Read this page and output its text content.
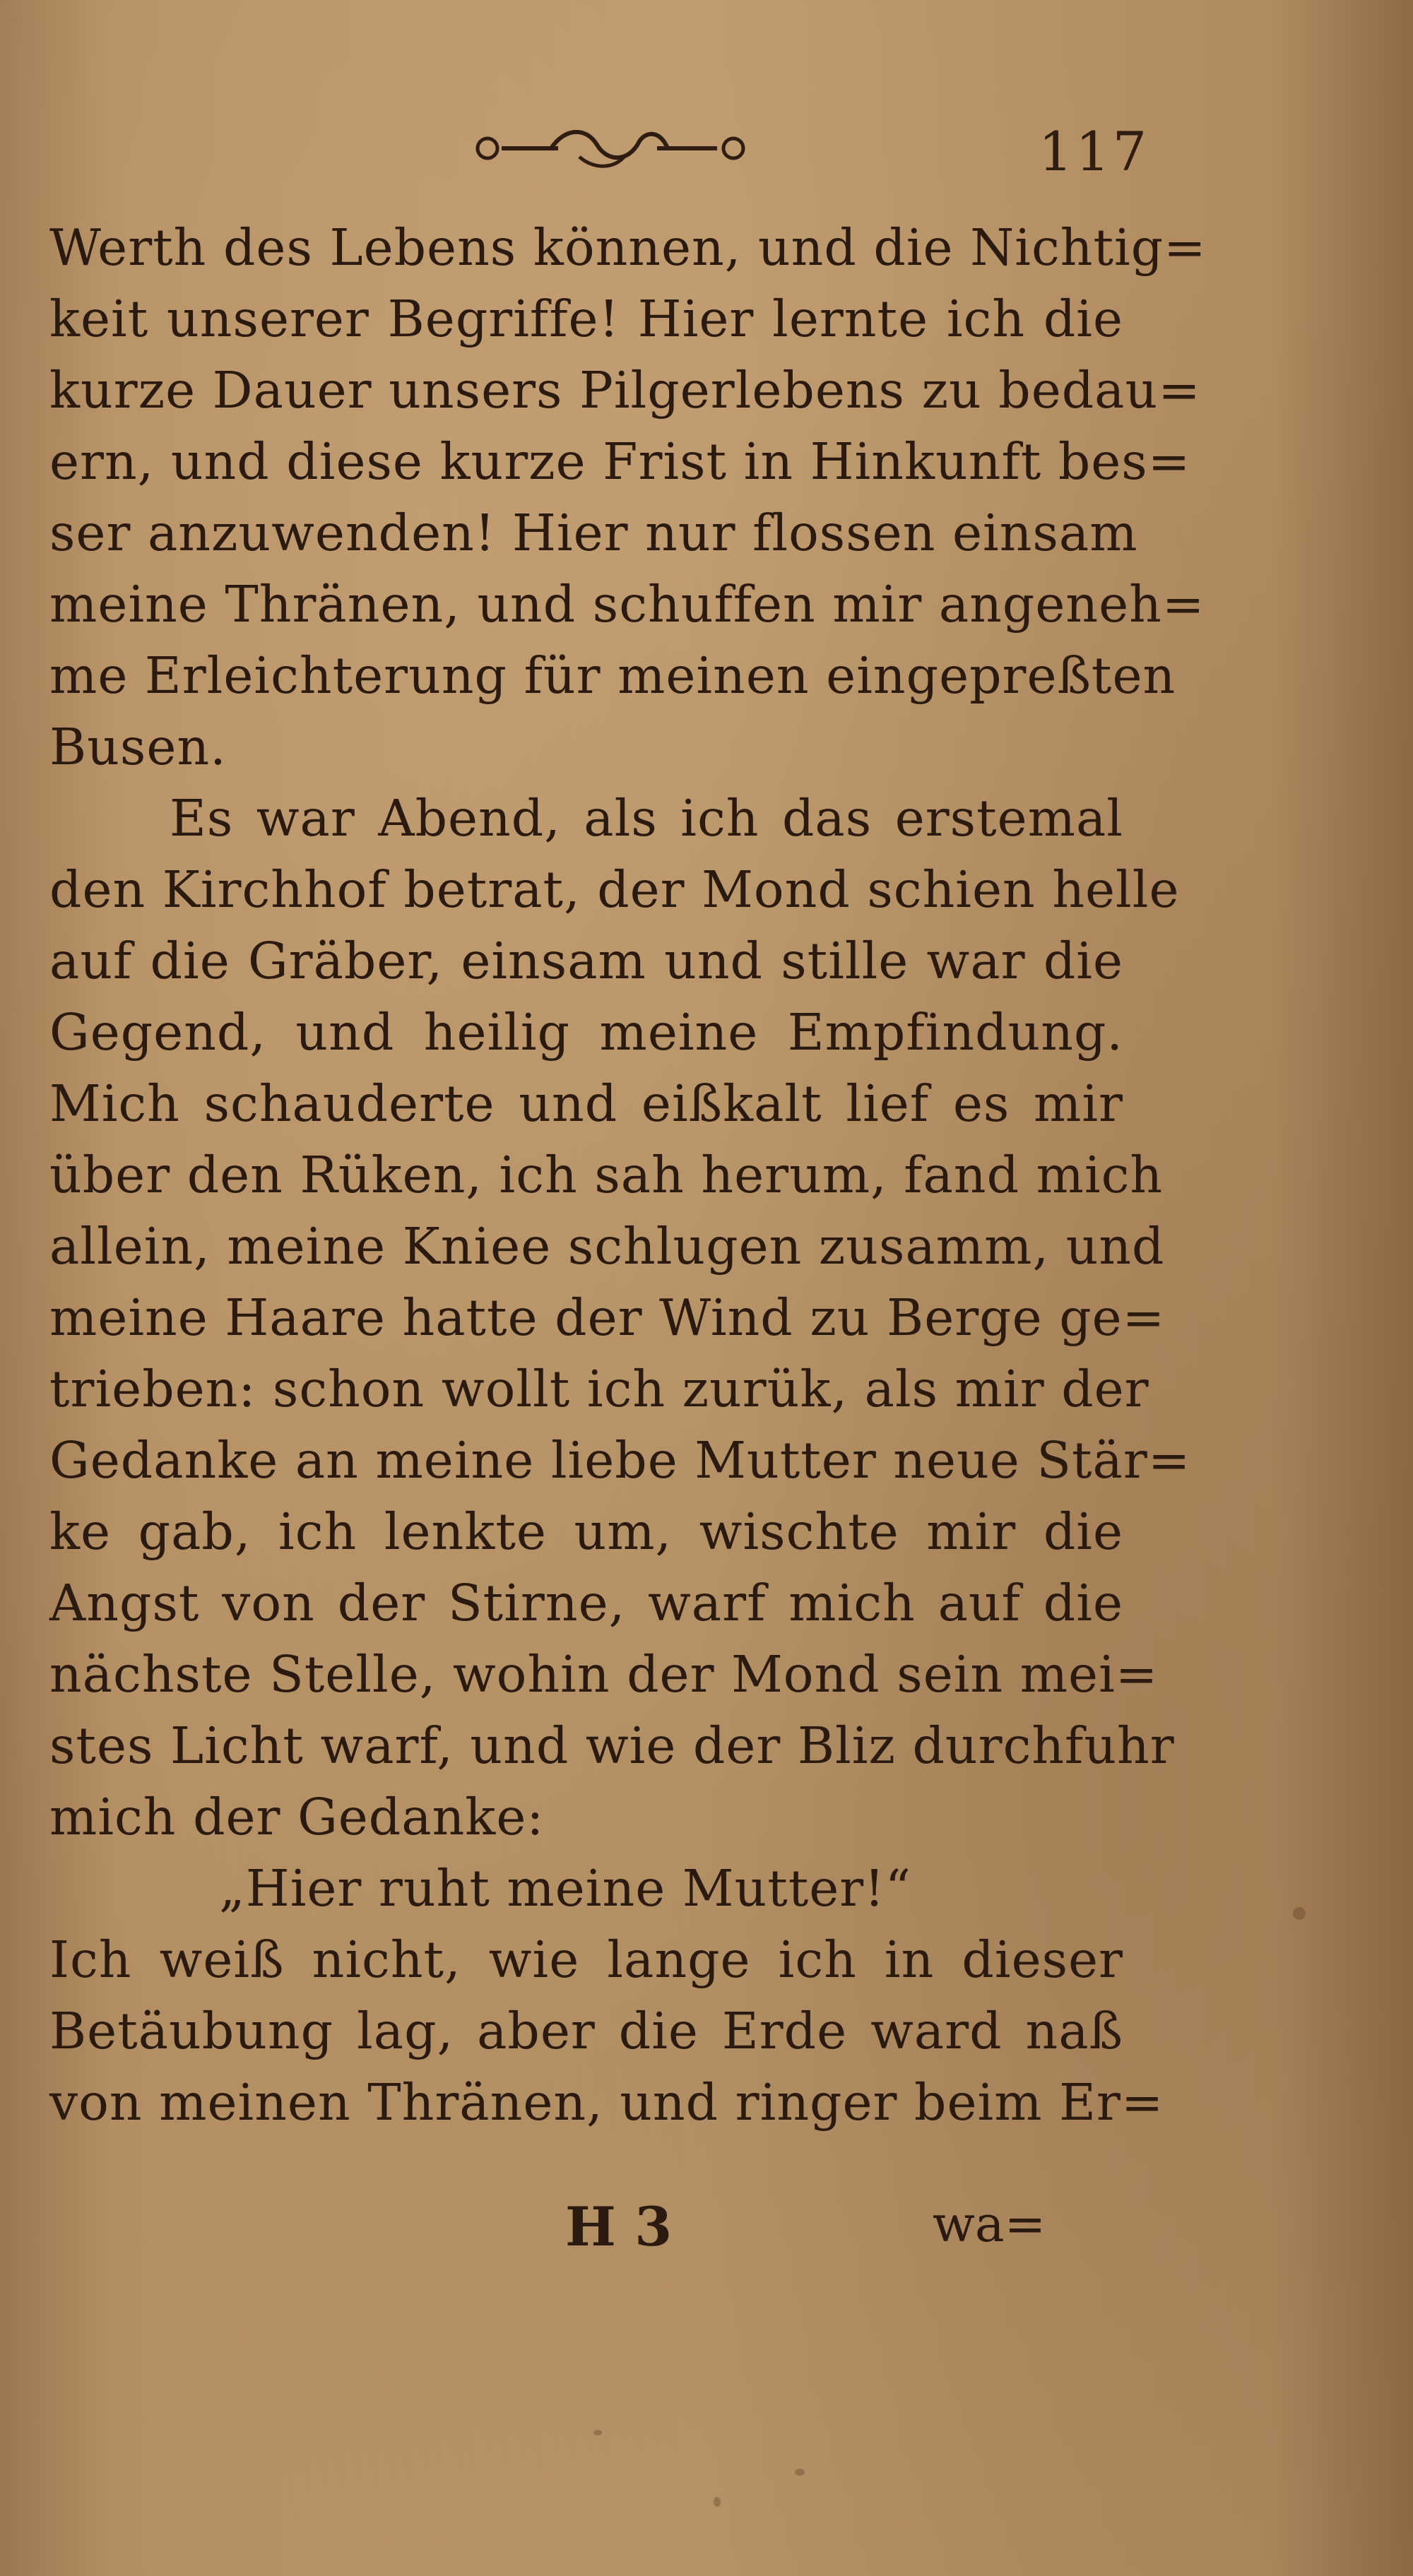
117
Werth des Lebens können, und die Nichtig=
keit unserer Begriffe! Hier lernte ich die
kurze Dauer unsers Pilgerlebens zu bedau=
ern, und diese kurze Frist in Hinkunft bes=
ser anzuwenden! Hier nur flossen einsam
meine Thränen, und schuffen mir angeneh=
me Erleichterung für meinen eingepreßten
Busen.
Es war Abend, als ich das erstemal
den Kirchhof betrat, der Mond schien helle
auf die Gräber, einsam und stille war die
Gegend, und heilig meine Empfindung.
Mich schauderte und eißkalt lief es mir
über den Rüken, ich sah herum, fand mich
allein, meine Kniee schlugen zusamm, und
meine Haare hatte der Wind zu Berge ge=
trieben: schon wollt ich zurük, als mir der
Gedanke an meine liebe Mutter neue Stär=
ke gab, ich lenkte um, wischte mir die
Angst von der Stirne, warf mich auf die
nächste Stelle, wohin der Mond sein mei=
stes Licht warf, und wie der Bliz durchfuhr
mich der Gedanke:
„Hier ruht meine Mutter!“
Ich weiß nicht, wie lange ich in dieser
Betäubung lag, aber die Erde ward naß
von meinen Thränen, und ringer beim Er=
H 3	wa=
